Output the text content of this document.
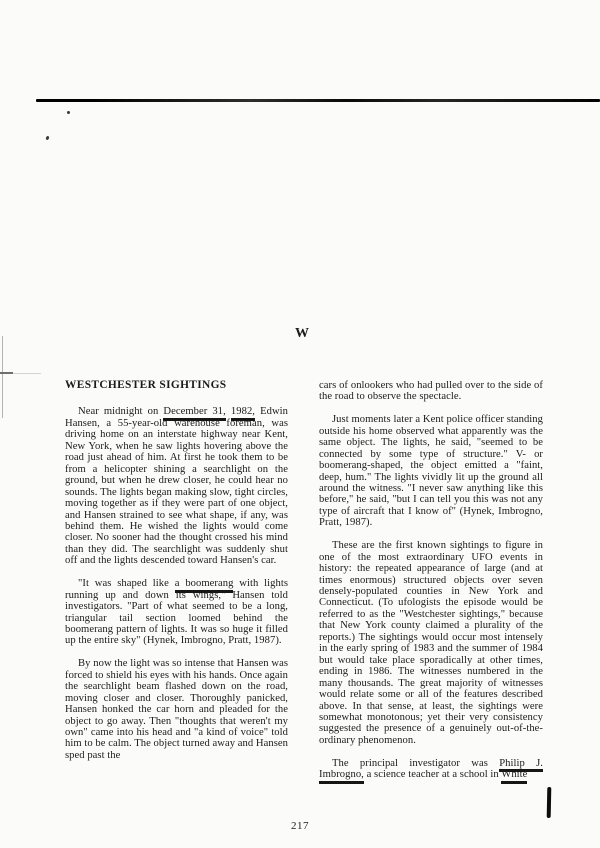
W
WESTCHESTER SIGHTINGS

Near midnight on December 31, 1982, Edwin Hansen, a 55-year-old warehouse foreman, was driving home on an interstate highway near Kent, New York, when he saw lights hovering above the road just ahead of him. At first he took them to be from a helicopter shining a searchlight on the ground, but when he drew closer, he could hear no sounds. The lights began making slow, tight circles, moving together as if they were part of one object, and Hansen strained to see what shape, if any, was behind them. He wished the lights would come closer. No sooner had the thought crossed his mind than they did. The searchlight was suddenly shut off and the lights descended toward Hansen's car.

"It was shaped like a boomerang with lights running up and down its wings," Hansen told investigators. "Part of what seemed to be a long, triangular tail section loomed behind the boomerang pattern of lights. It was so huge it filled up the entire sky" (Hynek, Imbrogno, Pratt, 1987).

By now the light was so intense that Hansen was forced to shield his eyes with his hands. Once again the searchlight beam flashed down on the road, moving closer and closer. Thoroughly panicked, Hansen honked the car horn and pleaded for the object to go away. Then "thoughts that weren't my own" came into his head and "a kind of voice" told him to be calm. The object turned away and Hansen sped past the

cars of onlookers who had pulled over to the side of the road to observe the spectacle.

Just moments later a Kent police officer standing outside his home observed what apparently was the same object. The lights, he said, "seemed to be connected by some type of structure." V- or boomerang-shaped, the object emitted a "faint, deep, hum." The lights vividly lit up the ground all around the witness. "I never saw anything like this before," he said, "but I can tell you this was not any type of aircraft that I know of" (Hynek, Imbrogno, Pratt, 1987).

These are the first known sightings to figure in one of the most extraordinary UFO events in history: the repeated appearance of large (and at times enormous) structured objects over seven densely-populated counties in New York and Connecticut. (To ufologists the episode would be referred to as the "Westchester sightings," because that New York county claimed a plurality of the reports.) The sightings would occur most intensely in the early spring of 1983 and the summer of 1984 but would take place sporadically at other times, ending in 1986. The witnesses numbered in the many thousands. The great majority of witnesses would relate some or all of the features described above. In that sense, at least, the sightings were somewhat monotonous; yet their very consistency suggested the presence of a genuinely out-of-the-ordinary phenomenon.

The principal investigator was Philip J. Imbrogno, a science teacher at a school in White

217
